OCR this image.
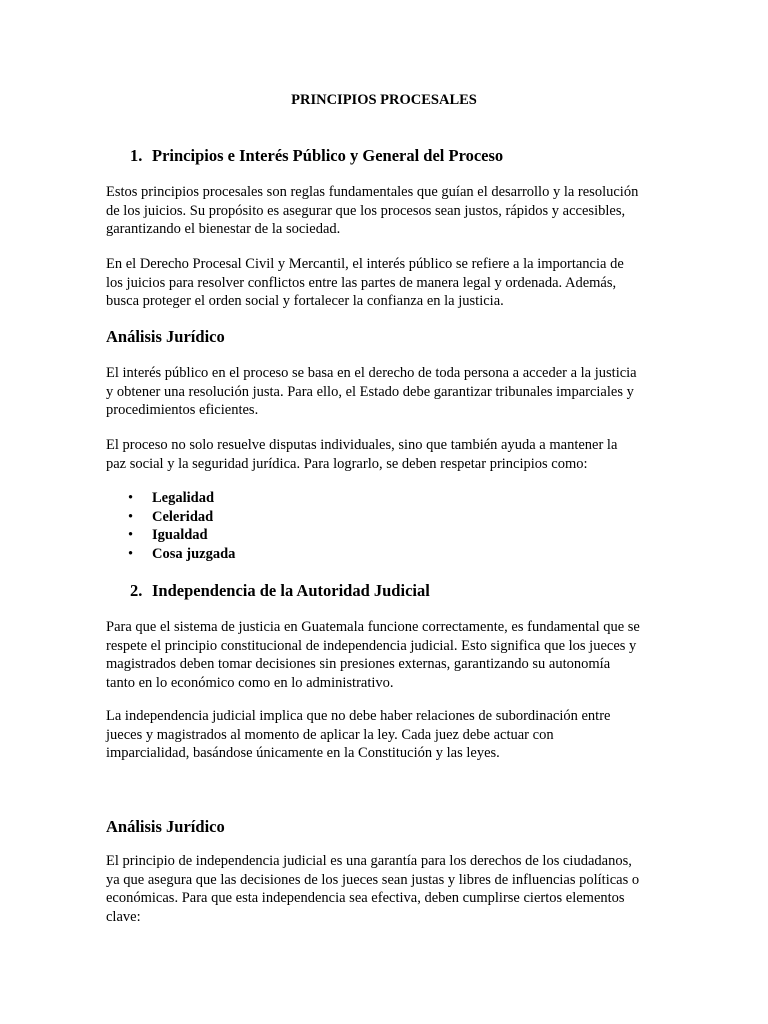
PRINCIPIOS PROCESALES
1. Principios e Interés Público y General del Proceso

Estos principios procesales son reglas fundamentales que guían el desarrollo y la resolución
de los juicios. Su propósito es asegurar que los procesos sean justos, rápidos y accesibles,
garantizando el bienestar de la sociedad.

En el Derecho Procesal Civil y Mercantil, el interés público se refiere a la importancia de
los juicios para resolver conflictos entre las partes de manera legal y ordenada. Además,
busca proteger el orden social y fortalecer la confianza en la justicia.

Análisis Jurídico

El interés público en el proceso se basa en el derecho de toda persona a acceder a la justicia
y obtener una resolución justa. Para ello, el Estado debe garantizar tribunales imparciales y
procedimientos eficientes.

El proceso no solo resuelve disputas individuales, sino que también ayuda a mantener la
paz social y la seguridad jurídica. Para lograrlo, se deben respetar principios como:

• Legalidad
• Celeridad
• Igualdad
• Cosa juzgada
2. Independencia de la Autoridad Judicial

Para que el sistema de justicia en Guatemala funcione correctamente, es fundamental que se
respete el principio constitucional de independencia judicial. Esto significa que los jueces y
magistrados deben tomar decisiones sin presiones externas, garantizando su autonomía
tanto en lo económico como en lo administrativo.

La independencia judicial implica que no debe haber relaciones de subordinación entre
jueces y magistrados al momento de aplicar la ley. Cada juez debe actuar con
imparcialidad, basándose únicamente en la Constitución y las leyes.

Análisis Jurídico

El principio de independencia judicial es una garantía para los derechos de los ciudadanos,
ya que asegura que las decisiones de los jueces sean justas y libres de influencias políticas o
económicas. Para que esta independencia sea efectiva, deben cumplirse ciertos elementos
clave:
